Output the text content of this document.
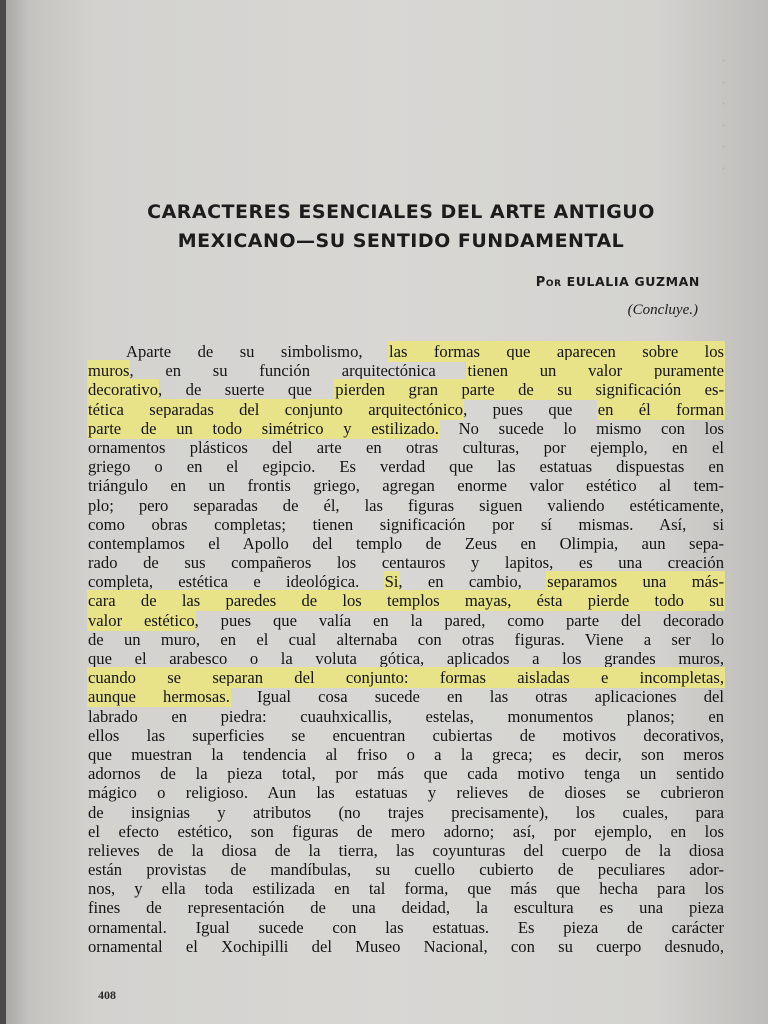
·
·
·
·
·
·
CARACTERES ESENCIALES DEL ARTE ANTIGUO
MEXICANO—SU SENTIDO FUNDAMENTAL
Por EULALIA GUZMAN
(Concluye.)
Aparte de su simbolismo, las formas que aparecen sobre los
muros, en su función arquitectónica tienen un valor puramente
decorativo, de suerte que pierden gran parte de su significación es-
tética separadas del conjunto arquitectónico, pues que en él forman
parte de un todo simétrico y estilizado. No sucede lo mismo con los
ornamentos plásticos del arte en otras culturas, por ejemplo, en el
griego o en el egipcio. Es verdad que las estatuas dispuestas en
triángulo en un frontis griego, agregan enorme valor estético al tem-
plo; pero separadas de él, las figuras siguen valiendo estéticamente,
como obras completas; tienen significación por sí mismas. Así, si
contemplamos el Apollo del templo de Zeus en Olimpia, aun sepa-
rado de sus compañeros los centauros y lapitos, es una creación
completa, estética e ideológica. Si, en cambio, separamos una más-
cara de las paredes de los templos mayas, ésta pierde todo su
valor estético, pues que valía en la pared, como parte del decorado
de un muro, en el cual alternaba con otras figuras. Viene a ser lo
que el arabesco o la voluta gótica, aplicados a los grandes muros,
cuando se separan del conjunto: formas aisladas e incompletas,
aunque hermosas. Igual cosa sucede en las otras aplicaciones del
labrado en piedra: cuauhxicallis, estelas, monumentos planos; en
ellos las superficies se encuentran cubiertas de motivos decorativos,
que muestran la tendencia al friso o a la greca; es decir, son meros
adornos de la pieza total, por más que cada motivo tenga un sentido
mágico o religioso. Aun las estatuas y relieves de dioses se cubrieron
de insignias y atributos (no trajes precisamente), los cuales, para
el efecto estético, son figuras de mero adorno; así, por ejemplo, en los
relieves de la diosa de la tierra, las coyunturas del cuerpo de la diosa
están provistas de mandíbulas, su cuello cubierto de peculiares ador-
nos, y ella toda estilizada en tal forma, que más que hecha para los
fines de representación de una deidad, la escultura es una pieza
ornamental. Igual sucede con las estatuas. Es pieza de carácter
ornamental el Xochipilli del Museo Nacional, con su cuerpo desnudo,
408
